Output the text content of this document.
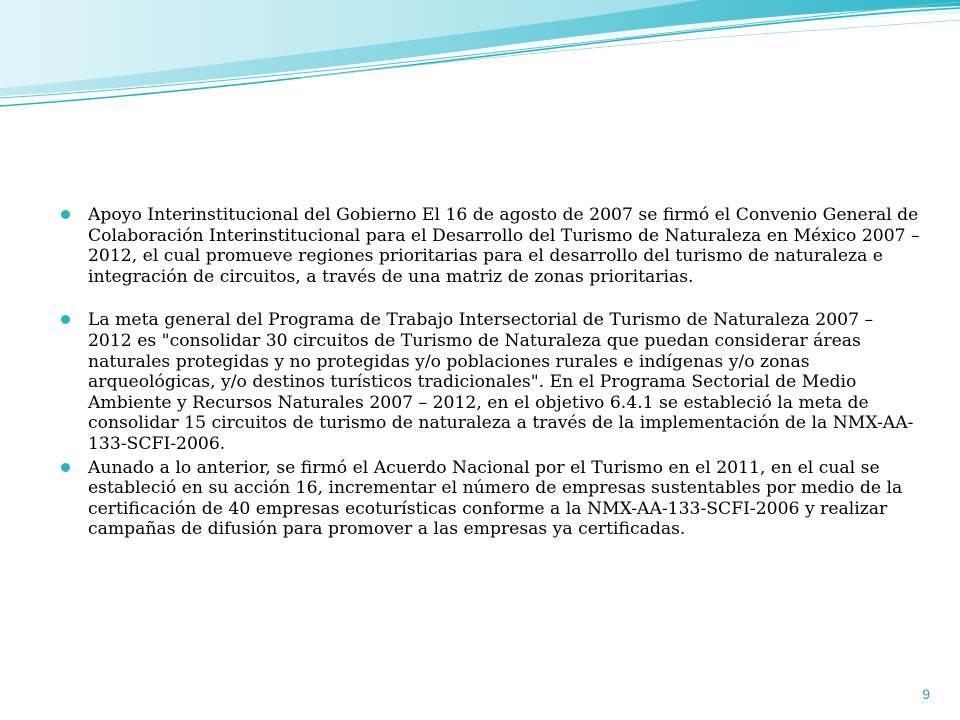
Apoyo Interinstitucional del Gobierno El 16 de agosto de 2007 se firmó el Convenio General de Colaboración Interinstitucional para el Desarrollo del Turismo de Naturaleza en México 2007 – 2012, el cual promueve regiones prioritarias para el desarrollo del turismo de naturaleza e integración de circuitos, a través de una matriz de zonas prioritarias.
La meta general del Programa de Trabajo Intersectorial de Turismo de Naturaleza 2007 – 2012 es "consolidar 30 circuitos de Turismo de Naturaleza que puedan considerar áreas naturales protegidas y no protegidas y/o poblaciones rurales e indígenas y/o zonas arqueológicas, y/o destinos turísticos tradicionales". En el Programa Sectorial de Medio Ambiente y Recursos Naturales 2007 – 2012, en el objetivo 6.4.1 se estableció la meta de consolidar 15 circuitos de turismo de naturaleza a través de la implementación de la NMX-AA-133-SCFI-2006.
Aunado a lo anterior, se firmó el Acuerdo Nacional por el Turismo en el 2011, en el cual se estableció en su acción 16, incrementar el número de empresas sustentables por medio de la certificación de 40 empresas ecoturísticas conforme a la NMX-AA-133-SCFI-2006 y realizar campañas de difusión para promover a las empresas ya certificadas.
9
